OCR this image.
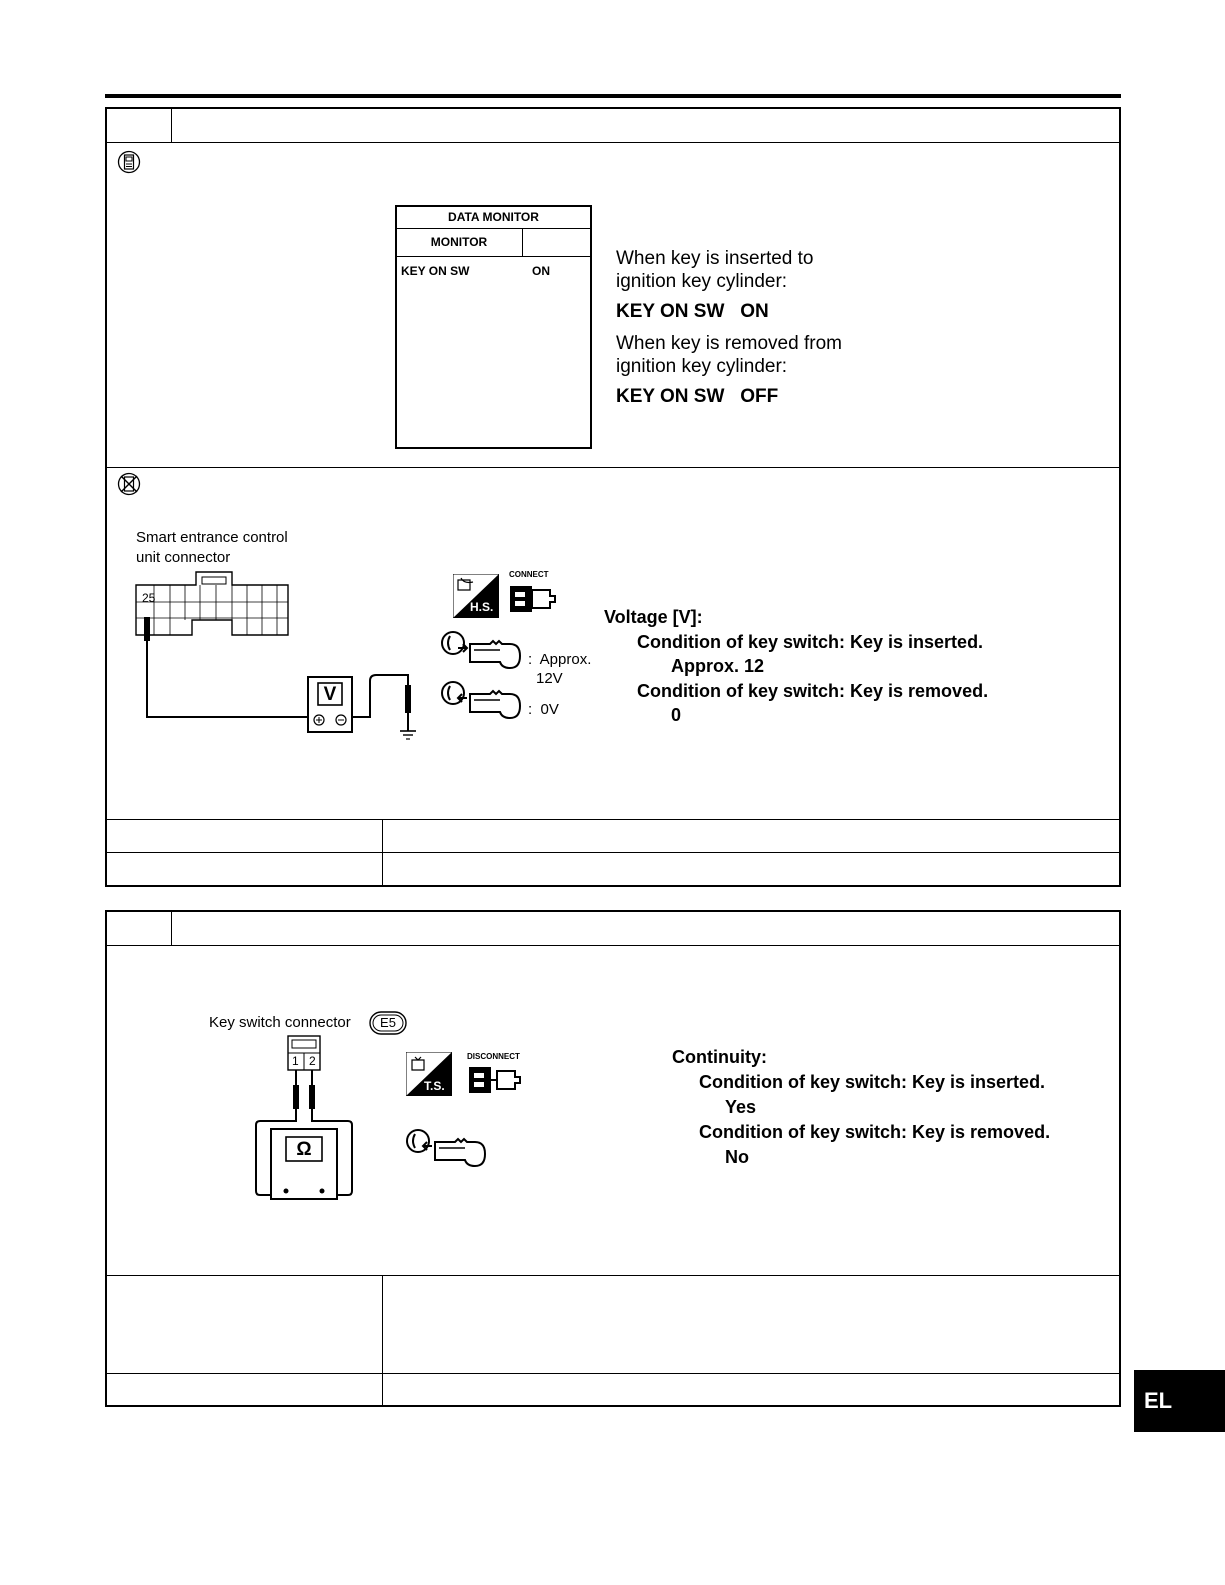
DATA MONITOR
MONITOR
KEY ON SW	ON
When key is inserted to
ignition key cylinder:
KEY ON SW   ON
When key is removed from
ignition key cylinder:
KEY ON SW   OFF
Smart entrance control
unit connector
25
V
H.S.
CONNECT
:  Approx.
12V
:  0V
Voltage [V]:
Condition of key switch: Key is inserted.
Approx. 12
Condition of key switch: Key is removed.
0
Key switch connector	E5
1 2
Ω
T.S.
DISCONNECT	Continuity:
Condition of key switch: Key is inserted.
Yes
Condition of key switch: Key is removed.
No
EL
